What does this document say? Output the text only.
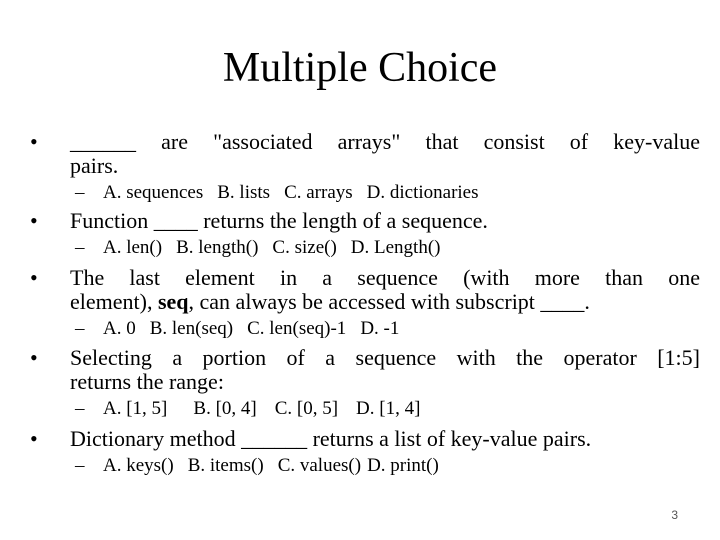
Multiple Choice
• ______ are "associated arrays" that consist of key-value
pairs.
– A. sequences B. lists C. arrays D. dictionaries
• Function ____ returns the length of a sequence.
– A. len() B. length() C. size() D. Length()
• The last element in a sequence (with more than one
element), seq, can always be accessed with subscript ____.
– A. 0 B. len(seq) C. len(seq)-1 D. -1
• Selecting a portion of a sequence with the operator [1:5]
returns the range:
– A. [1, 5] B. [0, 4] C. [0, 5] D. [1, 4]
• Dictionary method ______ returns a list of key-value pairs.
– A. keys() B. items() C. values() D. print()
3
